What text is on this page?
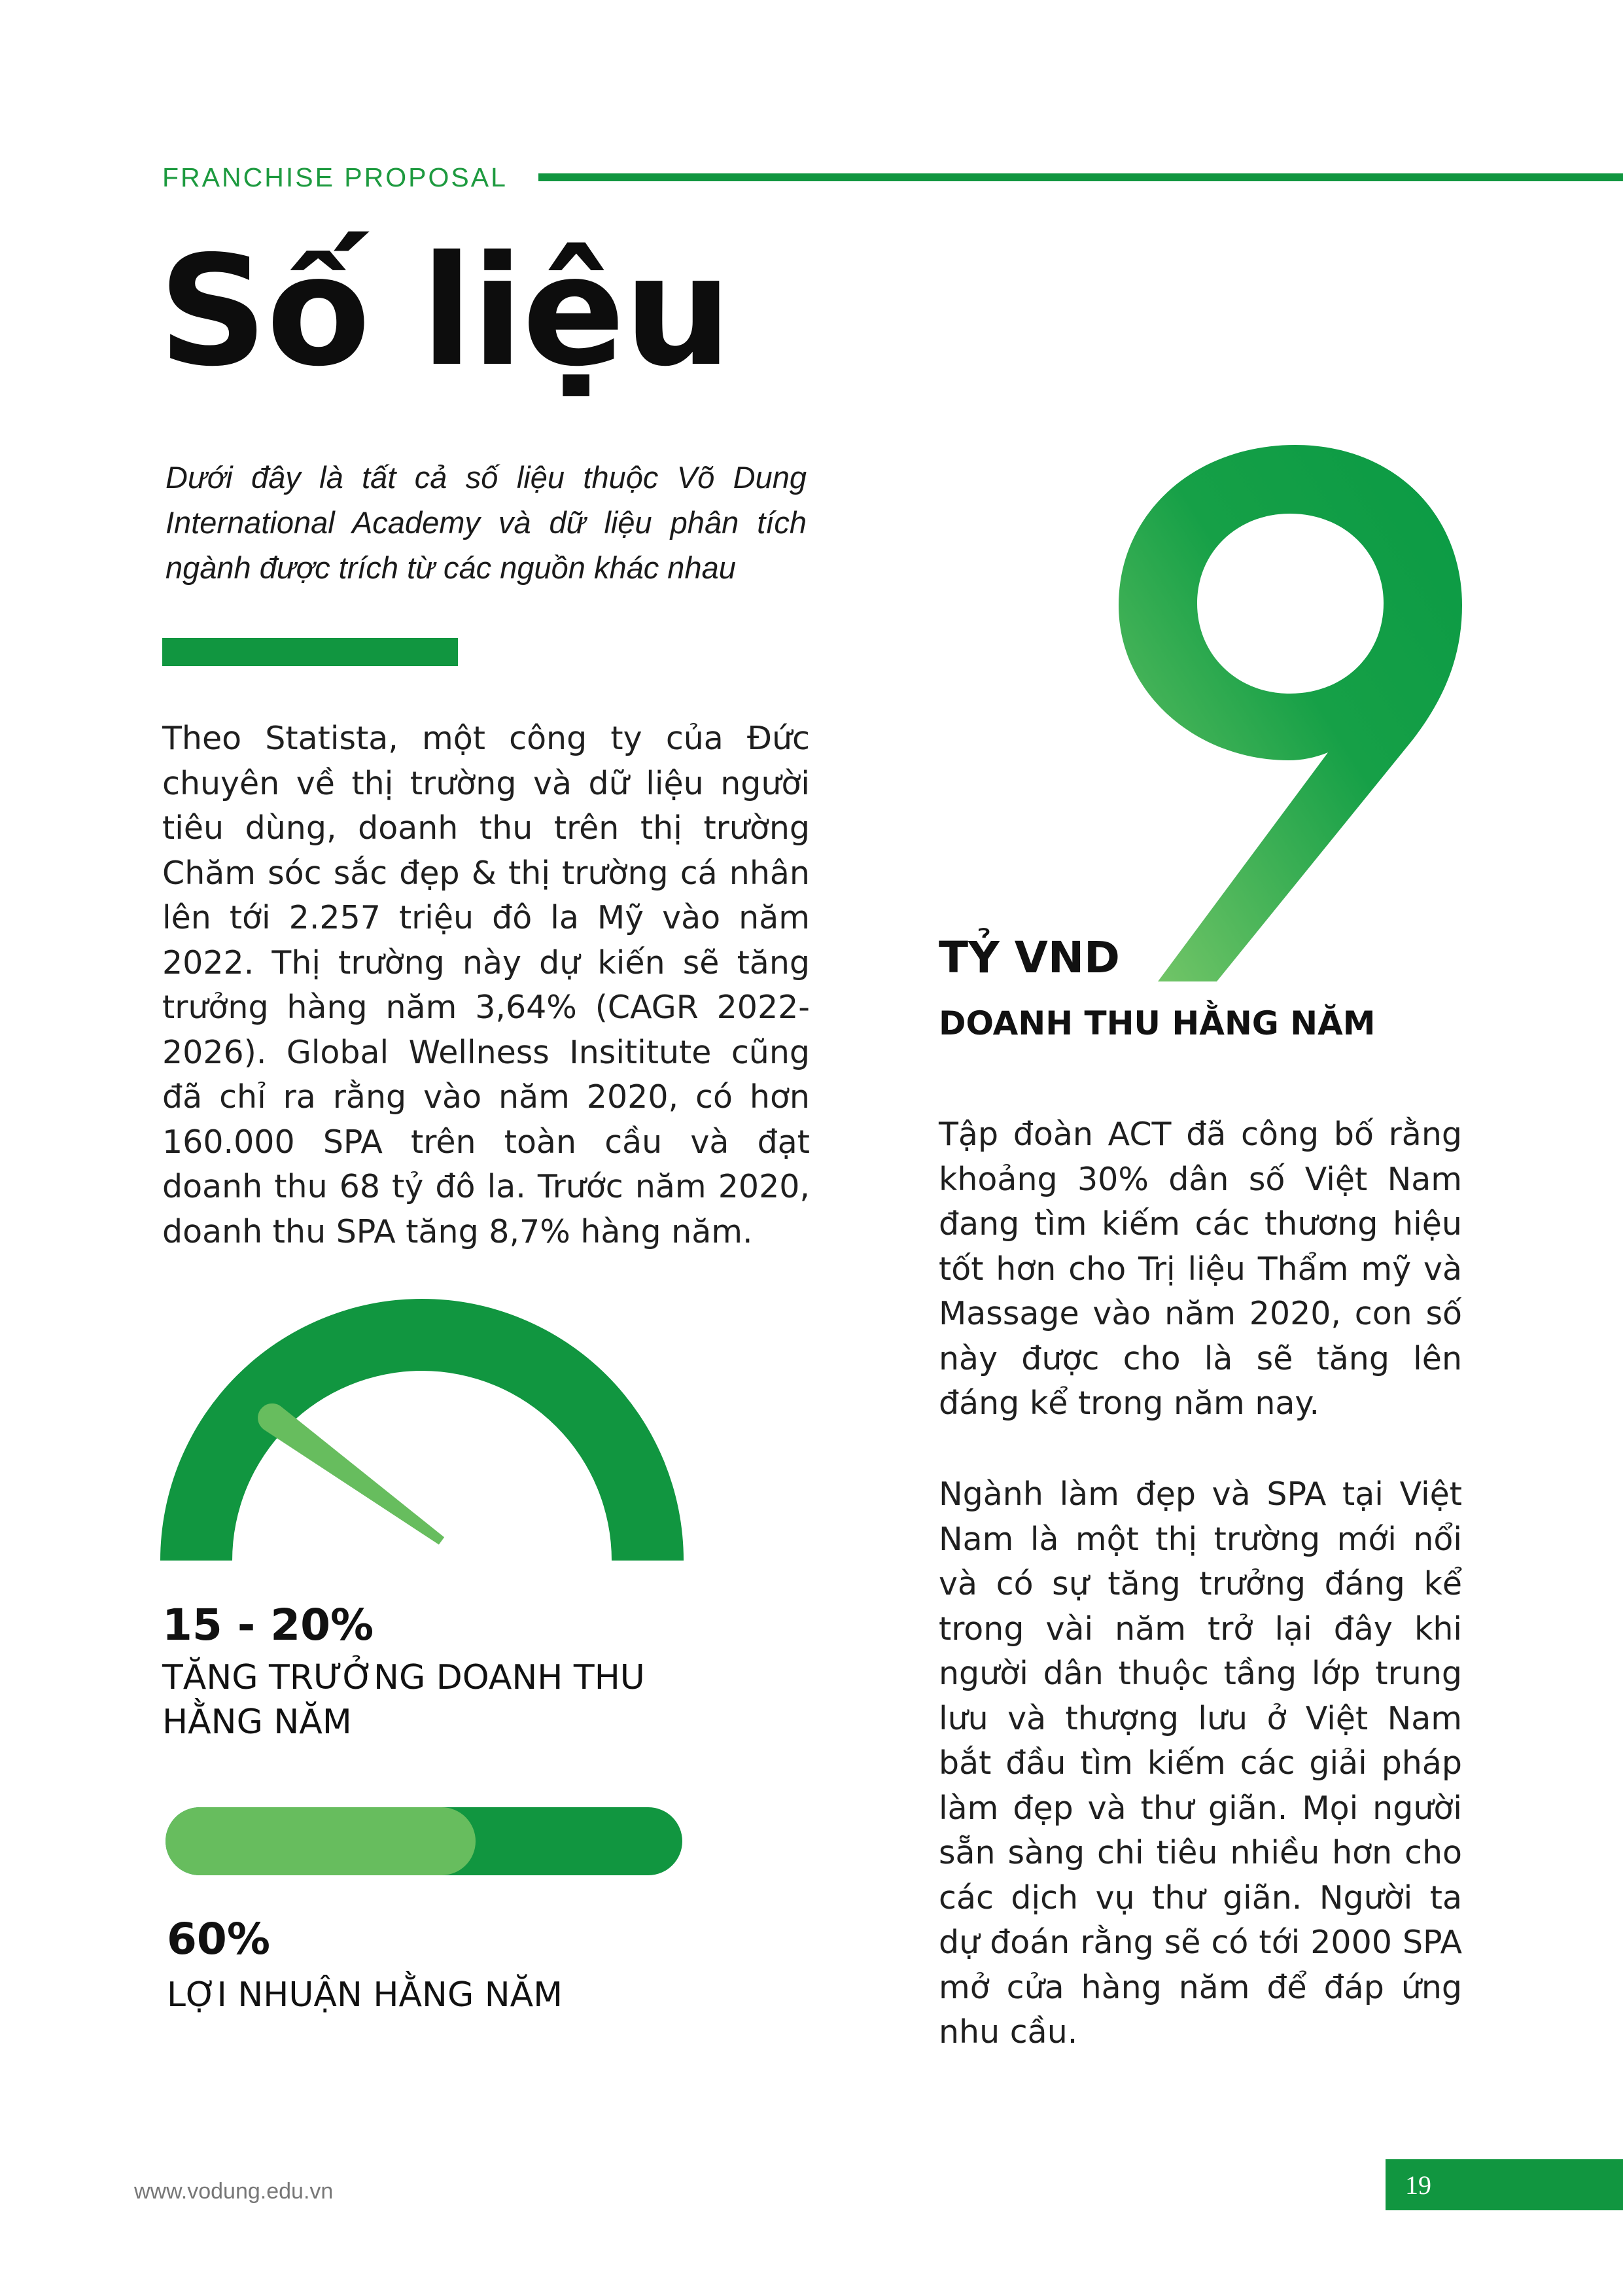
FRANCHISE PROPOSAL
Số liệu
Dưới đây là tất cả số liệu thuộc Võ Dung International Academy và dữ liệu phân tích ngành được trích từ các nguồn khác nhau
Theo Statista, một công ty của Đức chuyên về thị trường và dữ liệu người tiêu dùng, doanh thu trên thị trường Chăm sóc sắc đẹp & thị trường cá nhân lên tới 2.257 triệu đô la Mỹ vào năm 2022. Thị trường này dự kiến sẽ tăng trưởng hàng năm 3,64% (CAGR 2022-2026). Global Wellness Insititute cũng đã chỉ ra rằng vào năm 2020, có hơn 160.000 SPA trên toàn cầu và đạt doanh thu 68 tỷ đô la. Trước năm 2020, doanh thu SPA tăng 8,7% hàng năm.
TỶ VND
DOANH THU HẰNG NĂM
Tập đoàn ACT đã công bố rằng khoảng 30% dân số Việt Nam đang tìm kiếm các thương hiệu tốt hơn cho Trị liệu Thẩm mỹ và Massage vào năm 2020, con số này được cho là sẽ tăng lên đáng kể trong năm nay.
Ngành làm đẹp và SPA tại Việt Nam là một thị trường mới nổi và có sự tăng trưởng đáng kể trong vài năm trở lại đây khi người dân thuộc tầng lớp trung lưu và thượng lưu ở Việt Nam bắt đầu tìm kiếm các giải pháp làm đẹp và thư giãn. Mọi người sẵn sàng chi tiêu nhiều hơn cho các dịch vụ thư giãn. Người ta dự đoán rằng sẽ có tới 2000 SPA mở cửa hàng năm để đáp ứng nhu cầu.
15 - 20%
TĂNG TRƯỞNG DOANH THU
HẰNG NĂM
60%
LỢI NHUẬN HẰNG NĂM
www.vodung.edu.vn	19
